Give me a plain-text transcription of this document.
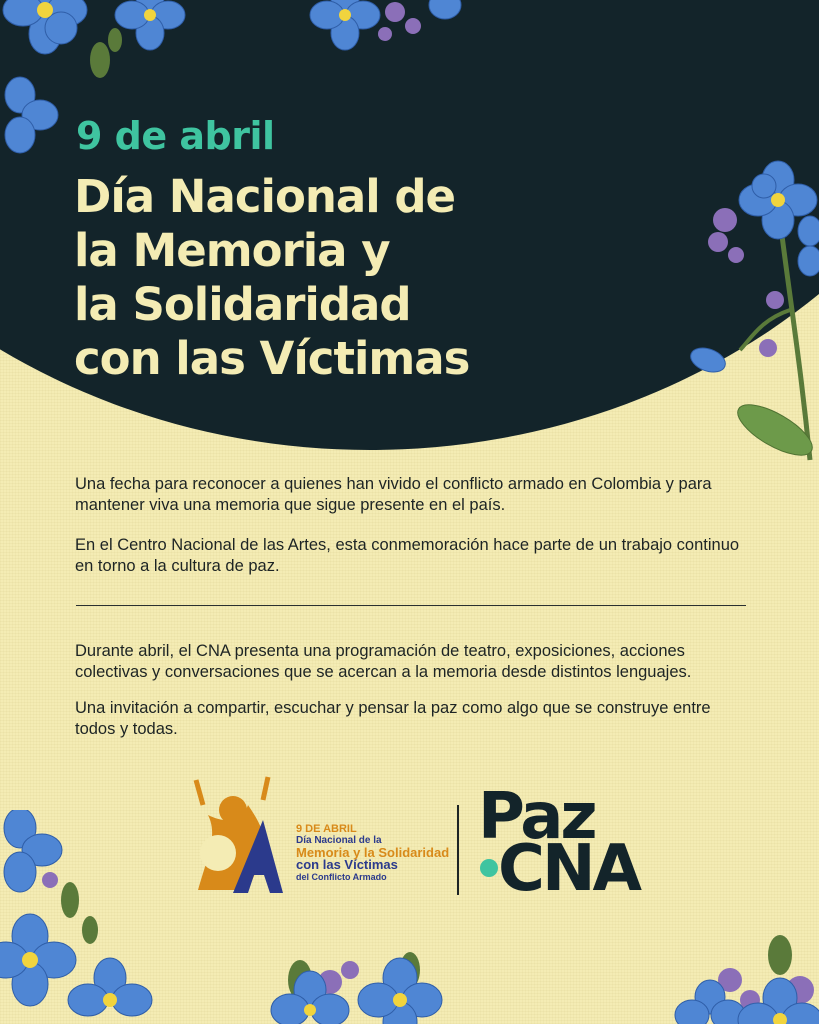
9 de abril
Día Nacional de
la Memoria y
la Solidaridad
con las Víctimas

Una fecha para reconocer a quienes han vivido el conflicto armado en Colombia y para mantener viva una memoria que sigue presente en el país.

En el Centro Nacional de las Artes, esta conmemoración hace parte de un trabajo continuo en torno a la cultura de paz.

Durante abril, el CNA presenta una programación de teatro, exposiciones, acciones colectivas y conversaciones que se acercan a la memoria desde distintos lenguajes.

Una invitación a compartir, escuchar y pensar la paz como algo que se construye entre todos y todas.

9 DE ABRIL
Día Nacional de la
Memoria y la Solidaridad
con las Víctimas
del Conflicto Armado

Paz

CNA
